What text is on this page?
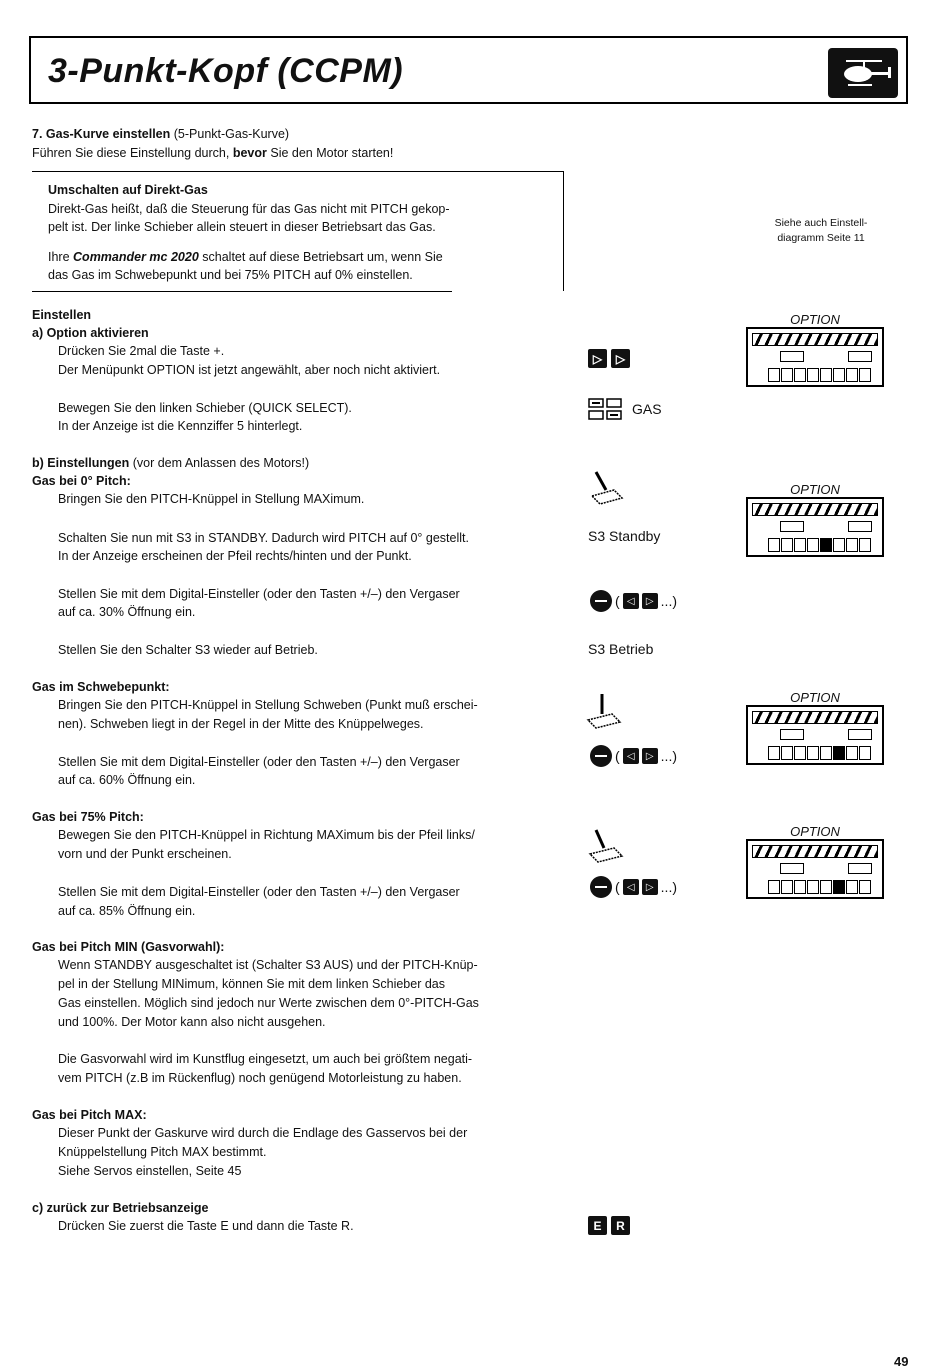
3-Punkt-Kopf (CCPM)
7. Gas-Kurve einstellen (5-Punkt-Gas-Kurve)
Führen Sie diese Einstellung durch, bevor Sie den Motor starten!
Umschalten auf Direkt-Gas
Direkt-Gas heißt, daß die Steuerung für das Gas nicht mit PITCH gekop-
pelt ist. Der linke Schieber allein steuert in dieser Betriebsart das Gas.
Ihre Commander mc 2020 schaltet auf diese Betriebsart um, wenn Sie
das Gas im Schwebepunkt und bei 75% PITCH auf 0% einstellen.
Siehe auch Einstell-
diagramm Seite 11
Einstellen
a) Option aktivieren
Drücken Sie 2mal die Taste +.
Der Menüpunkt OPTION ist jetzt angewählt, aber noch nicht aktiviert.
Bewegen Sie den linken Schieber (QUICK SELECT).
In der Anzeige ist die Kennziffer 5 hinterlegt.
b) Einstellungen (vor dem Anlassen des Motors!)
Gas bei 0° Pitch:
Bringen Sie den PITCH-Knüppel in Stellung MAXimum.
Schalten Sie nun mit S3 in STANDBY. Dadurch wird PITCH auf 0° gestellt.
In der Anzeige erscheinen der Pfeil rechts/hinten und der Punkt.
Stellen Sie mit dem Digital-Einsteller (oder den Tasten +/–) den Vergaser
auf ca. 30% Öffnung ein.
Stellen Sie den Schalter S3 wieder auf Betrieb.
Gas im Schwebepunkt:
Bringen Sie den PITCH-Knüppel in Stellung Schweben (Punkt muß erschei-
nen). Schweben liegt in der Regel in der Mitte des Knüppelweges.
Stellen Sie mit dem Digital-Einsteller (oder den Tasten +/–) den Vergaser
auf ca. 60% Öffnung ein.
Gas bei 75% Pitch:
Bewegen Sie den PITCH-Knüppel in Richtung MAXimum bis der Pfeil links/
vorn und der Punkt erscheinen.
Stellen Sie mit dem Digital-Einsteller (oder den Tasten +/–) den Vergaser
auf ca. 85% Öffnung ein.
Gas bei Pitch MIN (Gasvorwahl):
Wenn STANDBY ausgeschaltet ist (Schalter S3 AUS) und der PITCH-Knüp-
pel in der Stellung MINimum, können Sie mit dem linken Schieber das
Gas einstellen. Möglich sind jedoch nur Werte zwischen dem 0°-PITCH-Gas
und 100%. Der Motor kann also nicht ausgehen.
Die Gasvorwahl wird im Kunstflug eingesetzt, um auch bei größtem negati-
vem PITCH (z.B im Rückenflug) noch genügend Motorleistung zu haben.
Gas bei Pitch MAX:
Dieser Punkt der Gaskurve wird durch die Endlage des Gasservos bei der
Knüppelstellung Pitch MAX bestimmt.
Siehe Servos einstellen, Seite 45
c) zurück zur Betriebsanzeige
Drücken Sie zuerst die Taste E und dann die Taste R.
▷	▷
GAS
S3 Standby
( ◁	▷ ...)
S3 Betrieb
( ◁	▷ ...)
( ◁	▷ ...)
E	R
OPTION
OPTION
OPTION
OPTION
49
